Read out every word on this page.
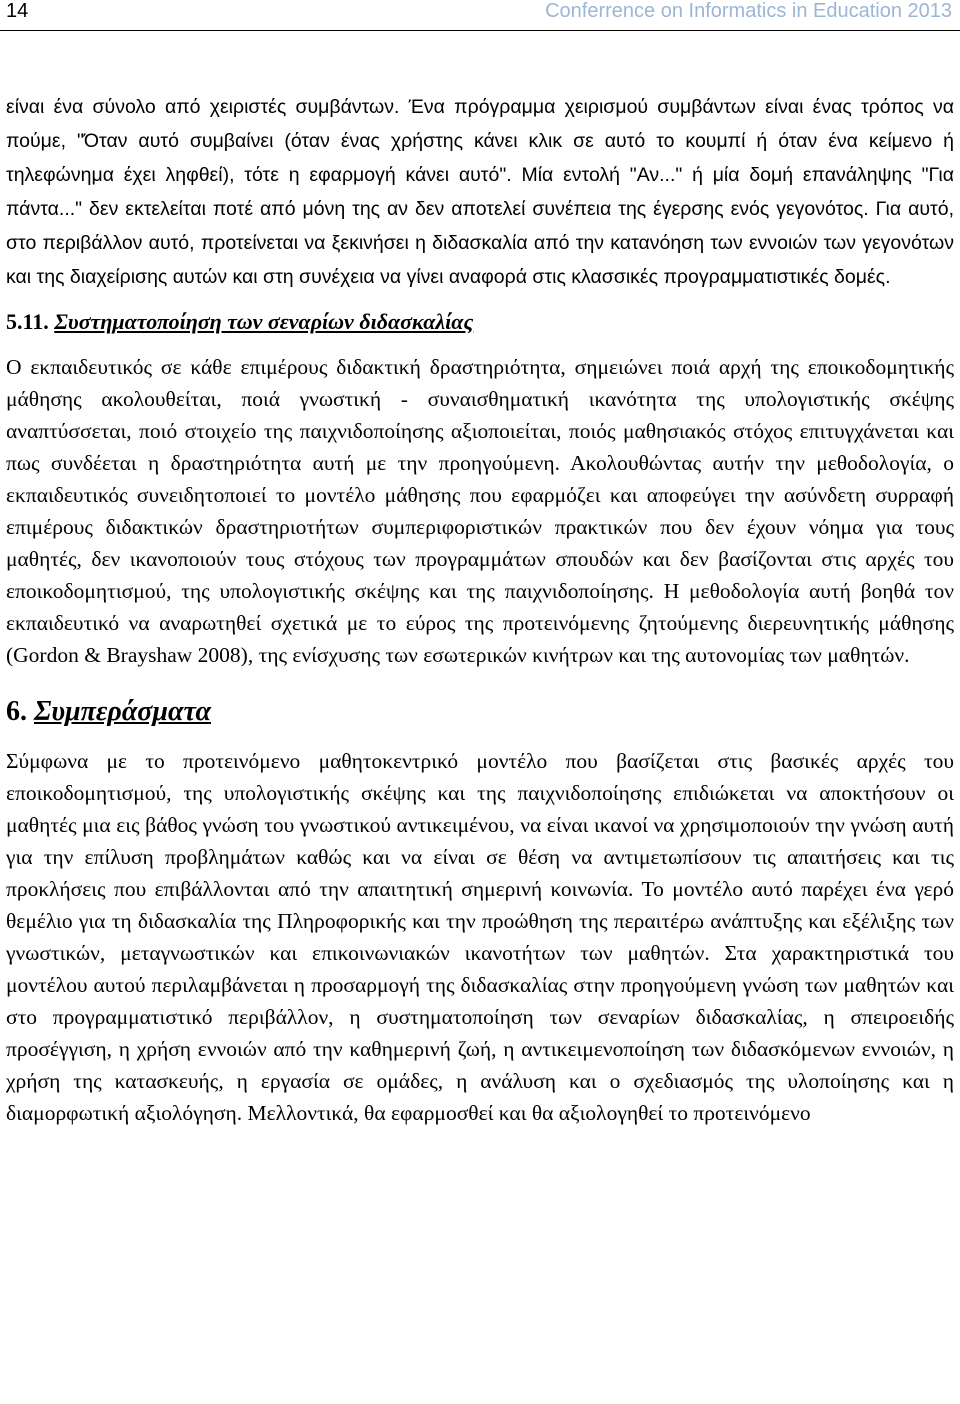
14	Conferrence on Informatics in Education 2013

είναι ένα σύνολο από χειριστές συμβάντων. Ένα πρόγραμμα χειρισμού συμβάντων είναι ένας τρόπος να πούμε, "Όταν αυτό συμβαίνει (όταν ένας χρήστης κάνει κλικ σε αυτό το κουμπί ή όταν ένα κείμενο ή τηλεφώνημα έχει ληφθεί), τότε η εφαρμογή κάνει αυτό". Μία εντολή "Αν..." ή μία δομή επανάληψης "Για πάντα..." δεν εκτελείται ποτέ από μόνη της αν δεν αποτελεί συνέπεια της έγερσης ενός γεγονότος. Για αυτό, στο περιβάλλον αυτό, προτείνεται να ξεκινήσει η διδασκαλία από την κατανόηση των εννοιών των γεγονότων και της διαχείρισης αυτών και στη συνέχεια να γίνει αναφορά στις κλασσικές προγραμματιστικές δομές.

5.11. Συστηματοποίηση των σεναρίων διδασκαλίας

Ο εκπαιδευτικός σε κάθε επιμέρους διδακτική δραστηριότητα, σημειώνει ποιά αρχή της εποικοδομητικής μάθησης ακολουθείται, ποιά γνωστική - συναισθηματική ικανότητα της υπολογιστικής σκέψης αναπτύσσεται, ποιό στοιχείο της παιχνιδοποίησης αξιοποιείται, ποιός μαθησιακός στόχος επιτυγχάνεται και πως συνδέεται η δραστηριότητα αυτή με την προηγούμενη. Ακολουθώντας αυτήν την μεθοδολογία, ο εκπαιδευτικός συνειδητοποιεί το μοντέλο μάθησης που εφαρμόζει και αποφεύγει την ασύνδετη συρραφή επιμέρους διδακτικών δραστηριοτήτων συμπεριφοριστικών πρακτικών που δεν έχουν νόημα για τους μαθητές, δεν ικανοποιούν τους στόχους των προγραμμάτων σπουδών και δεν βασίζονται στις αρχές του εποικοδομητισμού, της υπολογιστικής σκέψης και της παιχνιδοποίησης. Η μεθοδολογία αυτή βοηθά τον εκπαιδευτικό να αναρωτηθεί σχετικά με το εύρος της προτεινόμενης ζητούμενης διερευνητικής μάθησης (Gordon & Brayshaw 2008), της ενίσχυσης των εσωτερικών κινήτρων και της αυτονομίας των μαθητών.

6. Συμπεράσματα

Σύμφωνα με το προτεινόμενο μαθητοκεντρικό μοντέλο που βασίζεται στις βασικές αρχές του εποικοδομητισμού, της υπολογιστικής σκέψης και της παιχνιδοποίησης επιδιώκεται να αποκτήσουν οι μαθητές μια εις βάθος γνώση του γνωστικού αντικειμένου, να είναι ικανοί να χρησιμοποιούν την γνώση αυτή για την επίλυση προβλημάτων καθώς και να είναι σε θέση να αντιμετωπίσουν τις απαιτήσεις και τις προκλήσεις που επιβάλλονται από την απαιτητική σημερινή κοινωνία. Το μοντέλο αυτό παρέχει ένα γερό θεμέλιο για τη διδασκαλία της Πληροφορικής και την προώθηση της περαιτέρω ανάπτυξης και εξέλιξης των γνωστικών, μεταγνωστικών και επικοινωνιακών ικανοτήτων των μαθητών. Στα χαρακτηριστικά του μοντέλου αυτού περιλαμβάνεται η προσαρμογή της διδασκαλίας στην προηγούμενη γνώση των μαθητών και στο προγραμματιστικό περιβάλλον, η συστηματοποίηση των σεναρίων διδασκαλίας, η σπειροειδής προσέγγιση, η χρήση εννοιών από την καθημερινή ζωή, η αντικειμενοποίηση των διδασκόμενων εννοιών, η χρήση της κατασκευής, η εργασία σε ομάδες, η ανάλυση και ο σχεδιασμός της υλοποίησης και η διαμορφωτική αξιολόγηση. Μελλοντικά, θα εφαρμοσθεί και θα αξιολογηθεί το προτεινόμενο
